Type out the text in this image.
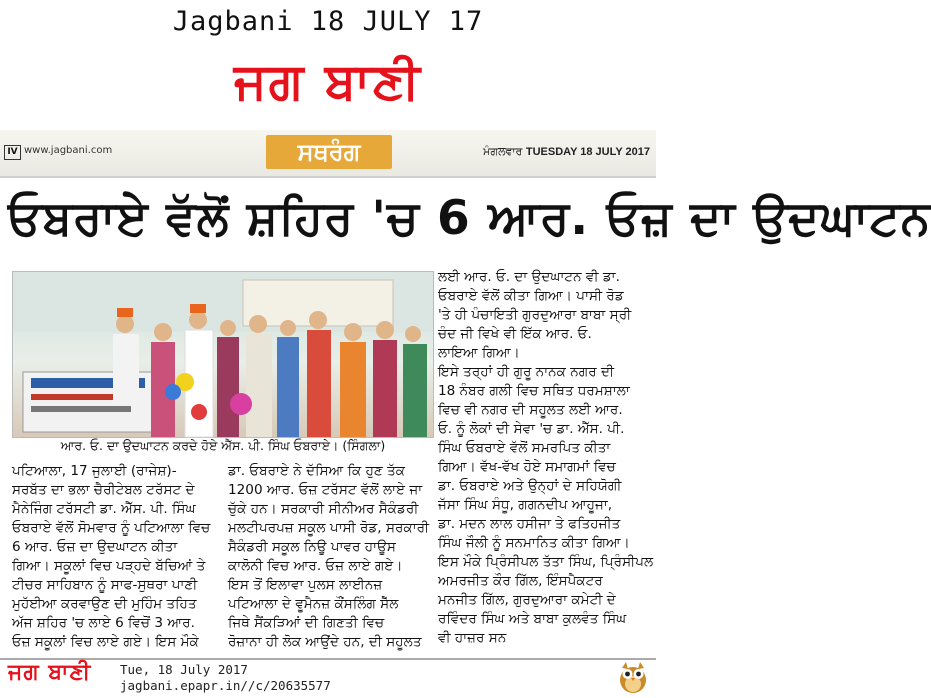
Jagbani 18 JULY 17
ਜਗ ਬਾਣੀ
IV www.jagbani.com	ਸਥਰੰਗ	ਮੰਗਲਵਾਰ TUESDAY 18 JULY 2017
ਓਬਰਾਏ ਵੱਲੋਂ ਸ਼ਹਿਰ 'ਚ 6 ਆਰ. ਓਜ਼ ਦਾ ਉਦਘਾਟਨ
ਆਰ. ਓ. ਦਾ ਉਦਘਾਟਨ ਕਰਦੇ ਹੋਏ ਐੱਸ. ਪੀ. ਸਿੰਘ ਓਬਰਾਏ। (ਸਿੰਗਲਾ)
ਪਟਿਆਲਾ, 17 ਜੁਲਾਈ (ਰਾਜੇਸ਼)-
ਸਰਬੱਤ ਦਾ ਭਲਾ ਚੈਰੀਟੇਬਲ ਟਰੱਸਟ ਦੇ
ਮੈਨੇਜਿੰਗ ਟਰੱਸਟੀ ਡਾ. ਐੱਸ. ਪੀ. ਸਿੰਘ
ਓਬਰਾਏ ਵੱਲੋਂ ਸੋਮਵਾਰ ਨੂੰ ਪਟਿਆਲਾ ਵਿਚ
6 ਆਰ. ਓਜ਼ ਦਾ ਉਦਘਾਟਨ ਕੀਤਾ
ਗਿਆ। ਸਕੂਲਾਂ ਵਿਚ ਪੜ੍ਹਦੇ ਬੱਚਿਆਂ ਤੇ
ਟੀਚਰ ਸਾਹਿਬਾਨ ਨੂੰ ਸਾਫ-ਸੁਥਰਾ ਪਾਣੀ
ਮੁਹੱਈਆ ਕਰਵਾਉਣ ਦੀ ਮੁਹਿੰਮ ਤਹਿਤ
ਅੱਜ ਸ਼ਹਿਰ 'ਚ ਲਾਏ 6 ਵਿਚੋਂ 3 ਆਰ.
ਓਜ਼ ਸਕੂਲਾਂ ਵਿਚ ਲਾਏ ਗਏ। ਇਸ ਮੌਕੇ
ਡਾ. ਓਬਰਾਏ ਨੇ ਦੱਸਿਆ ਕਿ ਹੁਣ ਤੱਕ
1200 ਆਰ. ਓਜ਼ ਟਰੱਸਟ ਵੱਲੋਂ ਲਾਏ ਜਾ
ਚੁੱਕੇ ਹਨ। ਸਰਕਾਰੀ ਸੀਨੀਅਰ ਸੈਕੰਡਰੀ
ਮਲਟੀਪਰਪਜ਼ ਸਕੂਲ ਪਾਸੀ ਰੋਡ, ਸਰਕਾਰੀ
ਸੈਕੰਡਰੀ ਸਕੂਲ ਨਿਊ ਪਾਵਰ ਹਾਊਸ
ਕਾਲੋਨੀ ਵਿਚ ਆਰ. ਓਜ਼ ਲਾਏ ਗਏ।
ਇਸ ਤੋਂ ਇਲਾਵਾ ਪੁਲਸ ਲਾਈਨਜ਼
ਪਟਿਆਲਾ ਦੇ ਵੂਮੈਨਜ਼ ਕੌਂਸਲਿੰਗ ਸੈੱਲ
ਜਿਥੇ ਸੈਂਕੜਿਆਂ ਦੀ ਗਿਣਤੀ ਵਿਚ
ਰੋਜ਼ਾਨਾ ਹੀ ਲੋਕ ਆਉਂਦੇ ਹਨ, ਦੀ ਸਹੂਲਤ
ਲਈ ਆਰ. ਓ. ਦਾ ਉਦਘਾਟਨ ਵੀ ਡਾ.
ਓਬਰਾਏ ਵੱਲੋਂ ਕੀਤਾ ਗਿਆ। ਪਾਸੀ ਰੋਡ
'ਤੇ ਹੀ ਪੰਚਾਇਤੀ ਗੁਰਦੁਆਰਾ ਬਾਬਾ ਸ੍ਰੀ
ਚੰਦ ਜੀ ਵਿਖੇ ਵੀ ਇੱਕ ਆਰ. ਓ.
ਲਾਇਆ ਗਿਆ।
ਇਸੇ ਤਰ੍ਹਾਂ ਹੀ ਗੁਰੂ ਨਾਨਕ ਨਗਰ ਦੀ
18 ਨੰਬਰ ਗਲੀ ਵਿਚ ਸਥਿਤ ਧਰਮਸ਼ਾਲਾ
ਵਿਚ ਵੀ ਨਗਰ ਦੀ ਸਹੂਲਤ ਲਈ ਆਰ.
ਓ. ਨੂੰ ਲੋਕਾਂ ਦੀ ਸੇਵਾ 'ਚ ਡਾ. ਐੱਸ. ਪੀ.
ਸਿੰਘ ਓਬਰਾਏ ਵੱਲੋਂ ਸਮਰਪਿਤ ਕੀਤਾ
ਗਿਆ। ਵੱਖ-ਵੱਖ ਹੋਏ ਸਮਾਗਮਾਂ ਵਿਚ
ਡਾ. ਓਬਰਾਏ ਅਤੇ ਉਨ੍ਹਾਂ ਦੇ ਸਹਿਯੋਗੀ
ਜੱਸਾ ਸਿੰਘ ਸੰਧੂ, ਗਗਨਦੀਪ ਆਹੂਜਾ,
ਡਾ. ਮਦਨ ਲਾਲ ਹਸੀਜਾ ਤੇ ਫਤਿਹਜੀਤ
ਸਿੰਘ ਜੌਲੀ ਨੂੰ ਸਨਮਾਨਿਤ ਕੀਤਾ ਗਿਆ।
ਇਸ ਮੌਕੇ ਪ੍ਰਿੰਸੀਪਲ ਤੱਤਾ ਸਿੰਘ, ਪ੍ਰਿੰਸੀਪਲ
ਅਮਰਜੀਤ ਕੌਰ ਗਿੱਲ, ਇੰਸਪੈਕਟਰ
ਮਨਜੀਤ ਗਿੱਲ, ਗੁਰਦੁਆਰਾ ਕਮੇਟੀ ਦੇ
ਰਵਿੰਦਰ ਸਿੰਘ ਅਤੇ ਬਾਬਾ ਕੁਲਵੰਤ ਸਿੰਘ
ਵੀ ਹਾਜ਼ਰ ਸਨ
ਜਗ ਬਾਣੀ Tue, 18 July 2017
jagbani.epapr.in//c/20635577
